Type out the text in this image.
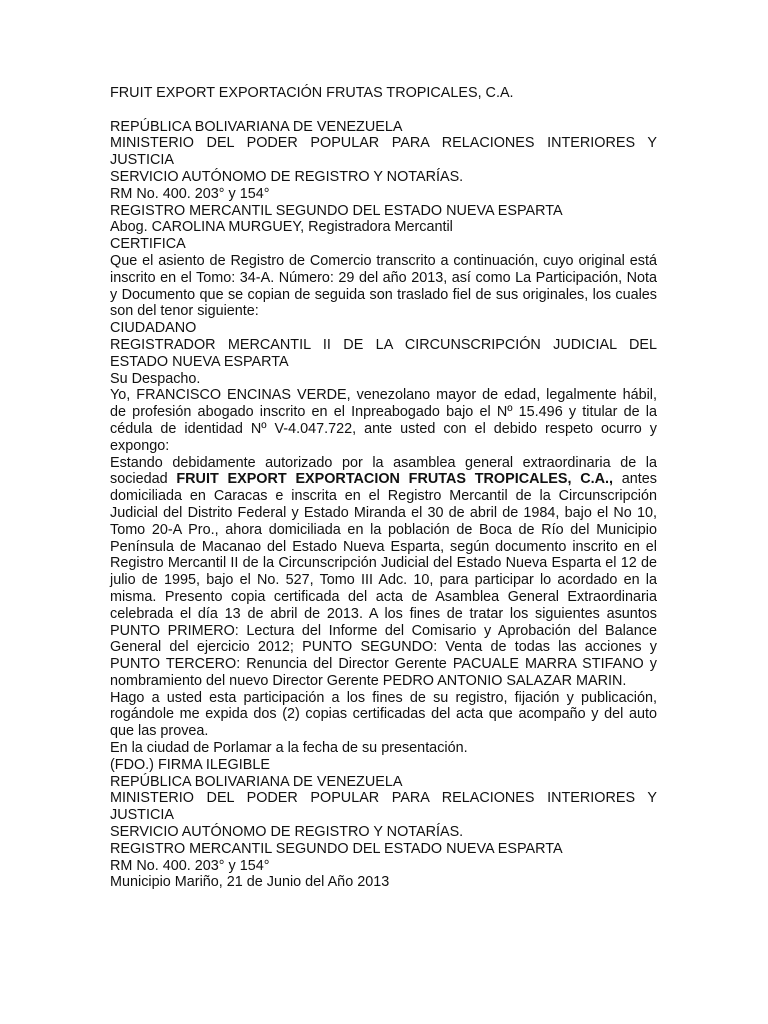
FRUIT EXPORT EXPORTACIÓN FRUTAS TROPICALES, C.A.

REPÚBLICA BOLIVARIANA DE VENEZUELA

MINISTERIO DEL PODER POPULAR PARA RELACIONES INTERIORES Y JUSTICIA

SERVICIO AUTÓNOMO DE REGISTRO Y NOTARÍAS.

RM No. 400. 203° y 154°

REGISTRO MERCANTIL SEGUNDO DEL ESTADO NUEVA ESPARTA

Abog. CAROLINA MURGUEY, Registradora Mercantil

CERTIFICA

Que el asiento de Registro de Comercio transcrito a continuación, cuyo original está inscrito en el Tomo: 34-A. Número: 29 del año 2013, así como La Participación, Nota y Documento que se copian de seguida son traslado fiel de sus originales, los cuales son del tenor siguiente:

CIUDADANO

REGISTRADOR MERCANTIL II DE LA CIRCUNSCRIPCIÓN JUDICIAL DEL ESTADO NUEVA ESPARTA

Su Despacho.

Yo, FRANCISCO ENCINAS VERDE, venezolano mayor de edad, legalmente hábil, de profesión abogado inscrito en el Inpreabogado bajo el Nº 15.496 y titular de la cédula de identidad Nº V-4.047.722, ante usted con el debido respeto ocurro y expongo:

Estando debidamente autorizado por la asamblea general extraordinaria de la sociedad FRUIT EXPORT EXPORTACION FRUTAS TROPICALES, C.A., antes domiciliada en Caracas e inscrita en el Registro Mercantil de la Circunscripción Judicial del Distrito Federal y Estado Miranda el 30 de abril de 1984, bajo el No 10, Tomo 20-A Pro., ahora domiciliada en la población de Boca de Río del Municipio Península de Macanao del Estado Nueva Esparta, según documento inscrito en el Registro Mercantil II de la Circunscripción Judicial del Estado Nueva Esparta el 12 de julio de 1995, bajo el No. 527, Tomo III Adc. 10, para participar lo acordado en la misma. Presento copia certificada del acta de Asamblea General Extraordinaria celebrada el día 13 de abril de 2013. A los fines de tratar los siguientes asuntos PUNTO PRIMERO: Lectura del Informe del Comisario y Aprobación del Balance General del ejercicio 2012; PUNTO SEGUNDO: Venta de todas las acciones y PUNTO TERCERO: Renuncia del Director Gerente PACUALE MARRA STIFANO y nombramiento del nuevo Director Gerente PEDRO ANTONIO SALAZAR MARIN.

Hago a usted esta participación a los fines de su registro, fijación y publicación, rogándole me expida dos (2) copias certificadas del acta que acompaño y del auto que las provea.

En la ciudad de Porlamar a la fecha de su presentación.

(FDO.) FIRMA ILEGIBLE

REPÚBLICA BOLIVARIANA DE VENEZUELA

MINISTERIO DEL PODER POPULAR PARA RELACIONES INTERIORES Y JUSTICIA

SERVICIO AUTÓNOMO DE REGISTRO Y NOTARÍAS.

REGISTRO MERCANTIL SEGUNDO DEL ESTADO NUEVA ESPARTA

RM No. 400. 203° y 154°

Municipio Mariño, 21 de Junio del Año 2013
